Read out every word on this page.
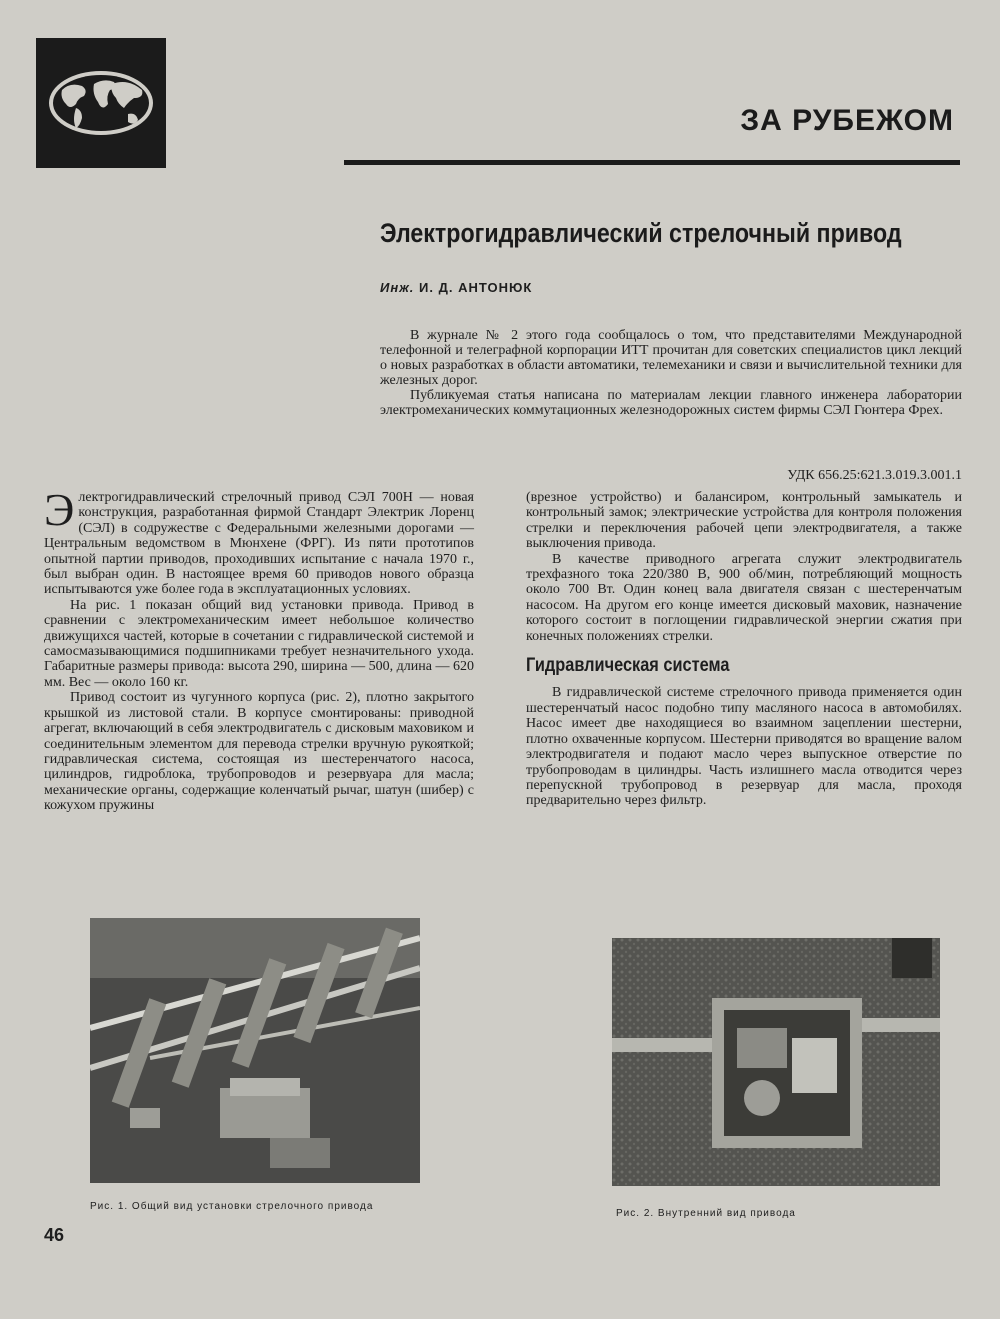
ЗА РУБЕЖОМ
Электрогидравлический стрелочный привод
Инж. И. Д. АНТОНЮК

В журнале № 2 этого года сообщалось о том, что представителями Международной телефонной и телеграфной корпорации ИТТ прочитан для советских специалистов цикл лекций о новых разработках в области автоматики, телемеханики и связи и вычислительной техники для железных дорог.

Публикуемая статья написана по материалам лекции главного инженера лаборатории электромеханических коммутационных железнодорожных систем фирмы СЭЛ Гюнтера Фрех.

УДК 656.25:621.3.019.3.001.1

Электрогидравлический стрелочный привод СЭЛ 700Н — новая конструкция, разработанная фирмой Стандарт Электрик Лоренц (СЭЛ) в содружестве с Федеральными железными дорогами — Центральным ведомством в Мюнхене (ФРГ). Из пяти прототипов опытной партии приводов, проходивших испытание с начала 1970 г., был выбран один. В настоящее время 60 приводов нового образца испытываются уже более года в эксплуатационных условиях.

На рис. 1 показан общий вид установки привода. Привод в сравнении с электромеханическим имеет небольшое количество движущихся частей, которые в сочетании с гидравлической системой и самосмазывающимися подшипниками требует незначительного ухода. Габаритные размеры привода: высота 290, ширина — 500, длина — 620 мм. Вес — около 160 кг.

Привод состоит из чугунного корпуса (рис. 2), плотно закрытого крышкой из листовой стали. В корпусе смонтированы: приводной агрегат, включающий в себя электродвигатель с дисковым маховиком и соединительным элементом для перевода стрелки вручную рукояткой; гидравлическая система, состоящая из шестеренчатого насоса, цилиндров, гидроблока, трубопроводов и резервуара для масла; механические органы, содержащие коленчатый рычаг, шатун (шибер) с кожухом пружины

(врезное устройство) и балансиром, контрольный замыкатель и контрольный замок; электрические устройства для контроля положения стрелки и переключения рабочей цепи электродвигателя, а также выключения привода.

В качестве приводного агрегата служит электродвигатель трехфазного тока 220/380 В, 900 об/мин, потребляющий мощность около 700 Вт. Один конец вала двигателя связан с шестеренчатым насосом. На другом его конце имеется дисковый маховик, назначение которого состоит в поглощении гидравлической энергии сжатия при конечных положениях стрелки.

Гидравлическая система

В гидравлической системе стрелочного привода применяется один шестеренчатый насос подобно типу масляного насоса в автомобилях. Насос имеет две находящиеся во взаимном зацеплении шестерни, плотно охваченные корпусом. Шестерни приводятся во вращение валом электродвигателя и подают масло через выпускное отверстие по трубопроводам в цилиндры. Часть излишнего масла отводится через перепускной трубопровод в резервуар для масла, проходя предварительно через фильтр.

Рис. 1. Общий вид установки стрелочного привода
Рис. 2. Внутренний вид привода
46
